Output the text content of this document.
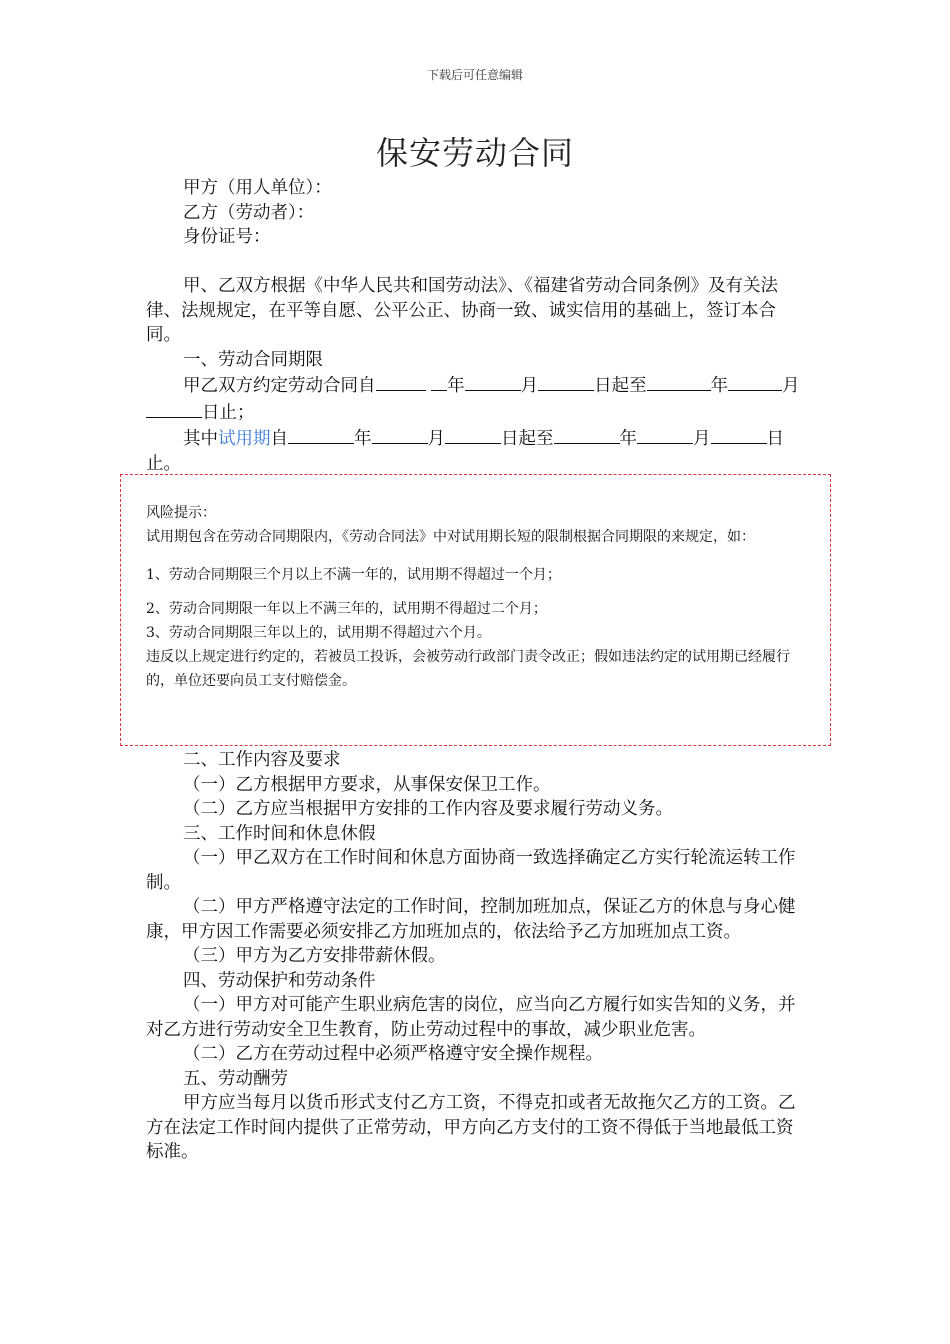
下载后可任意编辑
保安劳动合同

甲方（用人单位）：

乙方（劳动者）：

身份证号：

甲、乙双方根据《中华人民共和国劳动法》、《福建省劳动合同条例》及有关法律、法规规定，在平等自愿、公平公正、协商一致、诚实信用的基础上，签订本合同。

一、劳动合同期限

甲乙双方约定劳动合同自	年	月	日起至	年	月日止；

其中试用期自	年	月	日起至	年	月	日止。

风险提示：

试用期包含在劳动合同期限内，《劳动合同法》中对试用期长短的限制根据合同期限的来规定，如：

1、劳动合同期限三个月以上不满一年的，试用期不得超过一个月；

2、劳动合同期限一年以上不满三年的，试用期不得超过二个月；

3、劳动合同期限三年以上的，试用期不得超过六个月。

违反以上规定进行约定的，若被员工投诉，会被劳动行政部门责令改正；假如违法约定的试用期已经履行的，单位还要向员工支付赔偿金。

二、工作内容及要求

（一）乙方根据甲方要求，从事保安保卫工作。

（二）乙方应当根据甲方安排的工作内容及要求履行劳动义务。

三、工作时间和休息休假

（一）甲乙双方在工作时间和休息方面协商一致选择确定乙方实行轮流运转工作制。

（二）甲方严格遵守法定的工作时间，控制加班加点，保证乙方的休息与身心健康，甲方因工作需要必须安排乙方加班加点的，依法给予乙方加班加点工资。

（三）甲方为乙方安排带薪休假。

四、劳动保护和劳动条件

（一）甲方对可能产生职业病危害的岗位，应当向乙方履行如实告知的义务，并对乙方进行劳动安全卫生教育，防止劳动过程中的事故，减少职业危害。

（二）乙方在劳动过程中必须严格遵守安全操作规程。

五、劳动酬劳

甲方应当每月以货币形式支付乙方工资，不得克扣或者无故拖欠乙方的工资。乙方在法定工作时间内提供了正常劳动，甲方向乙方支付的工资不得低于当地最低工资标准。
